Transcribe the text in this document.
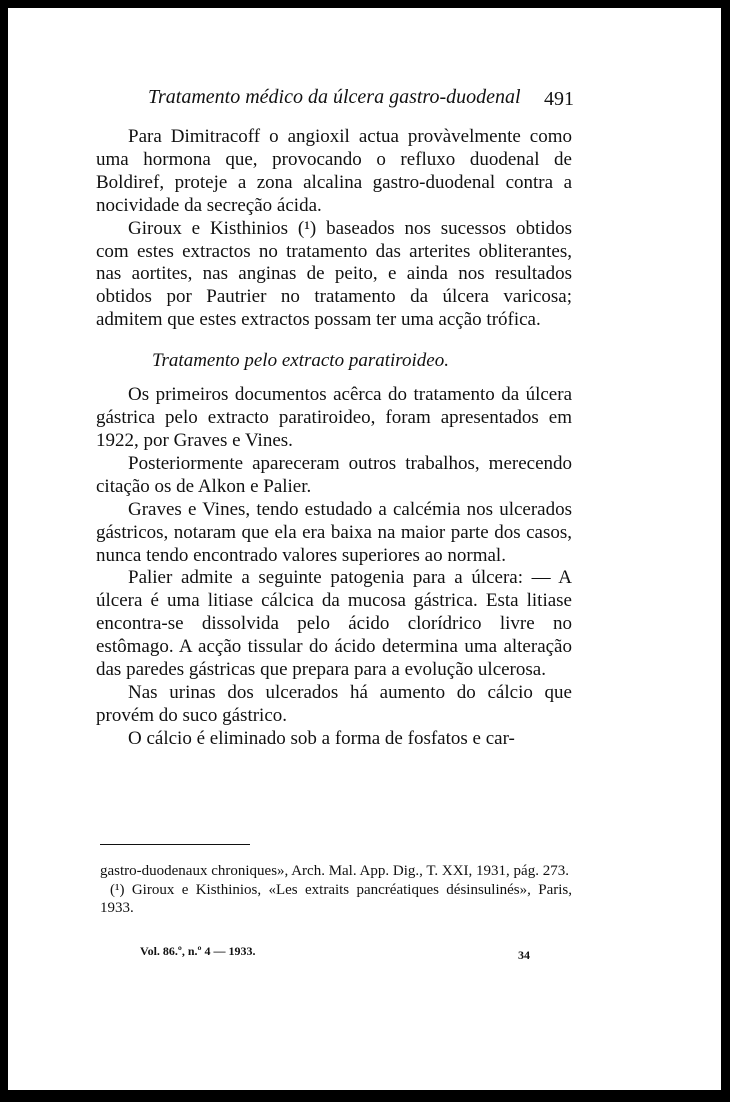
Tratamento médico da úlcera gastro-duodenal 491

Para Dimitracoff o angioxil actua provàvelmente como uma hormona que, provocando o refluxo duodenal de Boldiref, proteje a zona alcalina gastro-duodenal contra a nocividade da secreção ácida.

Giroux e Kisthinios (¹) baseados nos sucessos obtidos com estes extractos no tratamento das arterites obliterantes, nas aortites, nas anginas de peito, e ainda nos resultados obtidos por Pautrier no tratamento da úlcera varicosa; admitem que estes extractos possam ter uma acção trófica.

Tratamento pelo extracto paratiroideo.

Os primeiros documentos acêrca do tratamento da úlcera gástrica pelo extracto paratiroideo, foram apresentados em 1922, por Graves e Vines.

Posteriormente apareceram outros trabalhos, merecendo citação os de Alkon e Palier.

Graves e Vines, tendo estudado a calcémia nos ulcerados gástricos, notaram que ela era baixa na maior parte dos casos, nunca tendo encontrado valores superiores ao normal.

Palier admite a seguinte patogenia para a úlcera: — A úlcera é uma litiase cálcica da mucosa gástrica. Esta litiase encontra-se dissolvida pelo ácido clorídrico livre no estômago. A acção tissular do ácido determina uma alteração das paredes gástricas que prepara para a evolução ulcerosa.

Nas urinas dos ulcerados há aumento do cálcio que provém do suco gástrico.

O cálcio é eliminado sob a forma de fosfatos e car-

gastro-duodenaux chroniques», Arch. Mal. App. Dig., T. XXI, 1931, pág. 273.

(¹) Giroux e Kisthinios, «Les extraits pancréatiques désinsulinés», Paris, 1933.

Vol. 86.º, n.º 4 — 1933.	34
